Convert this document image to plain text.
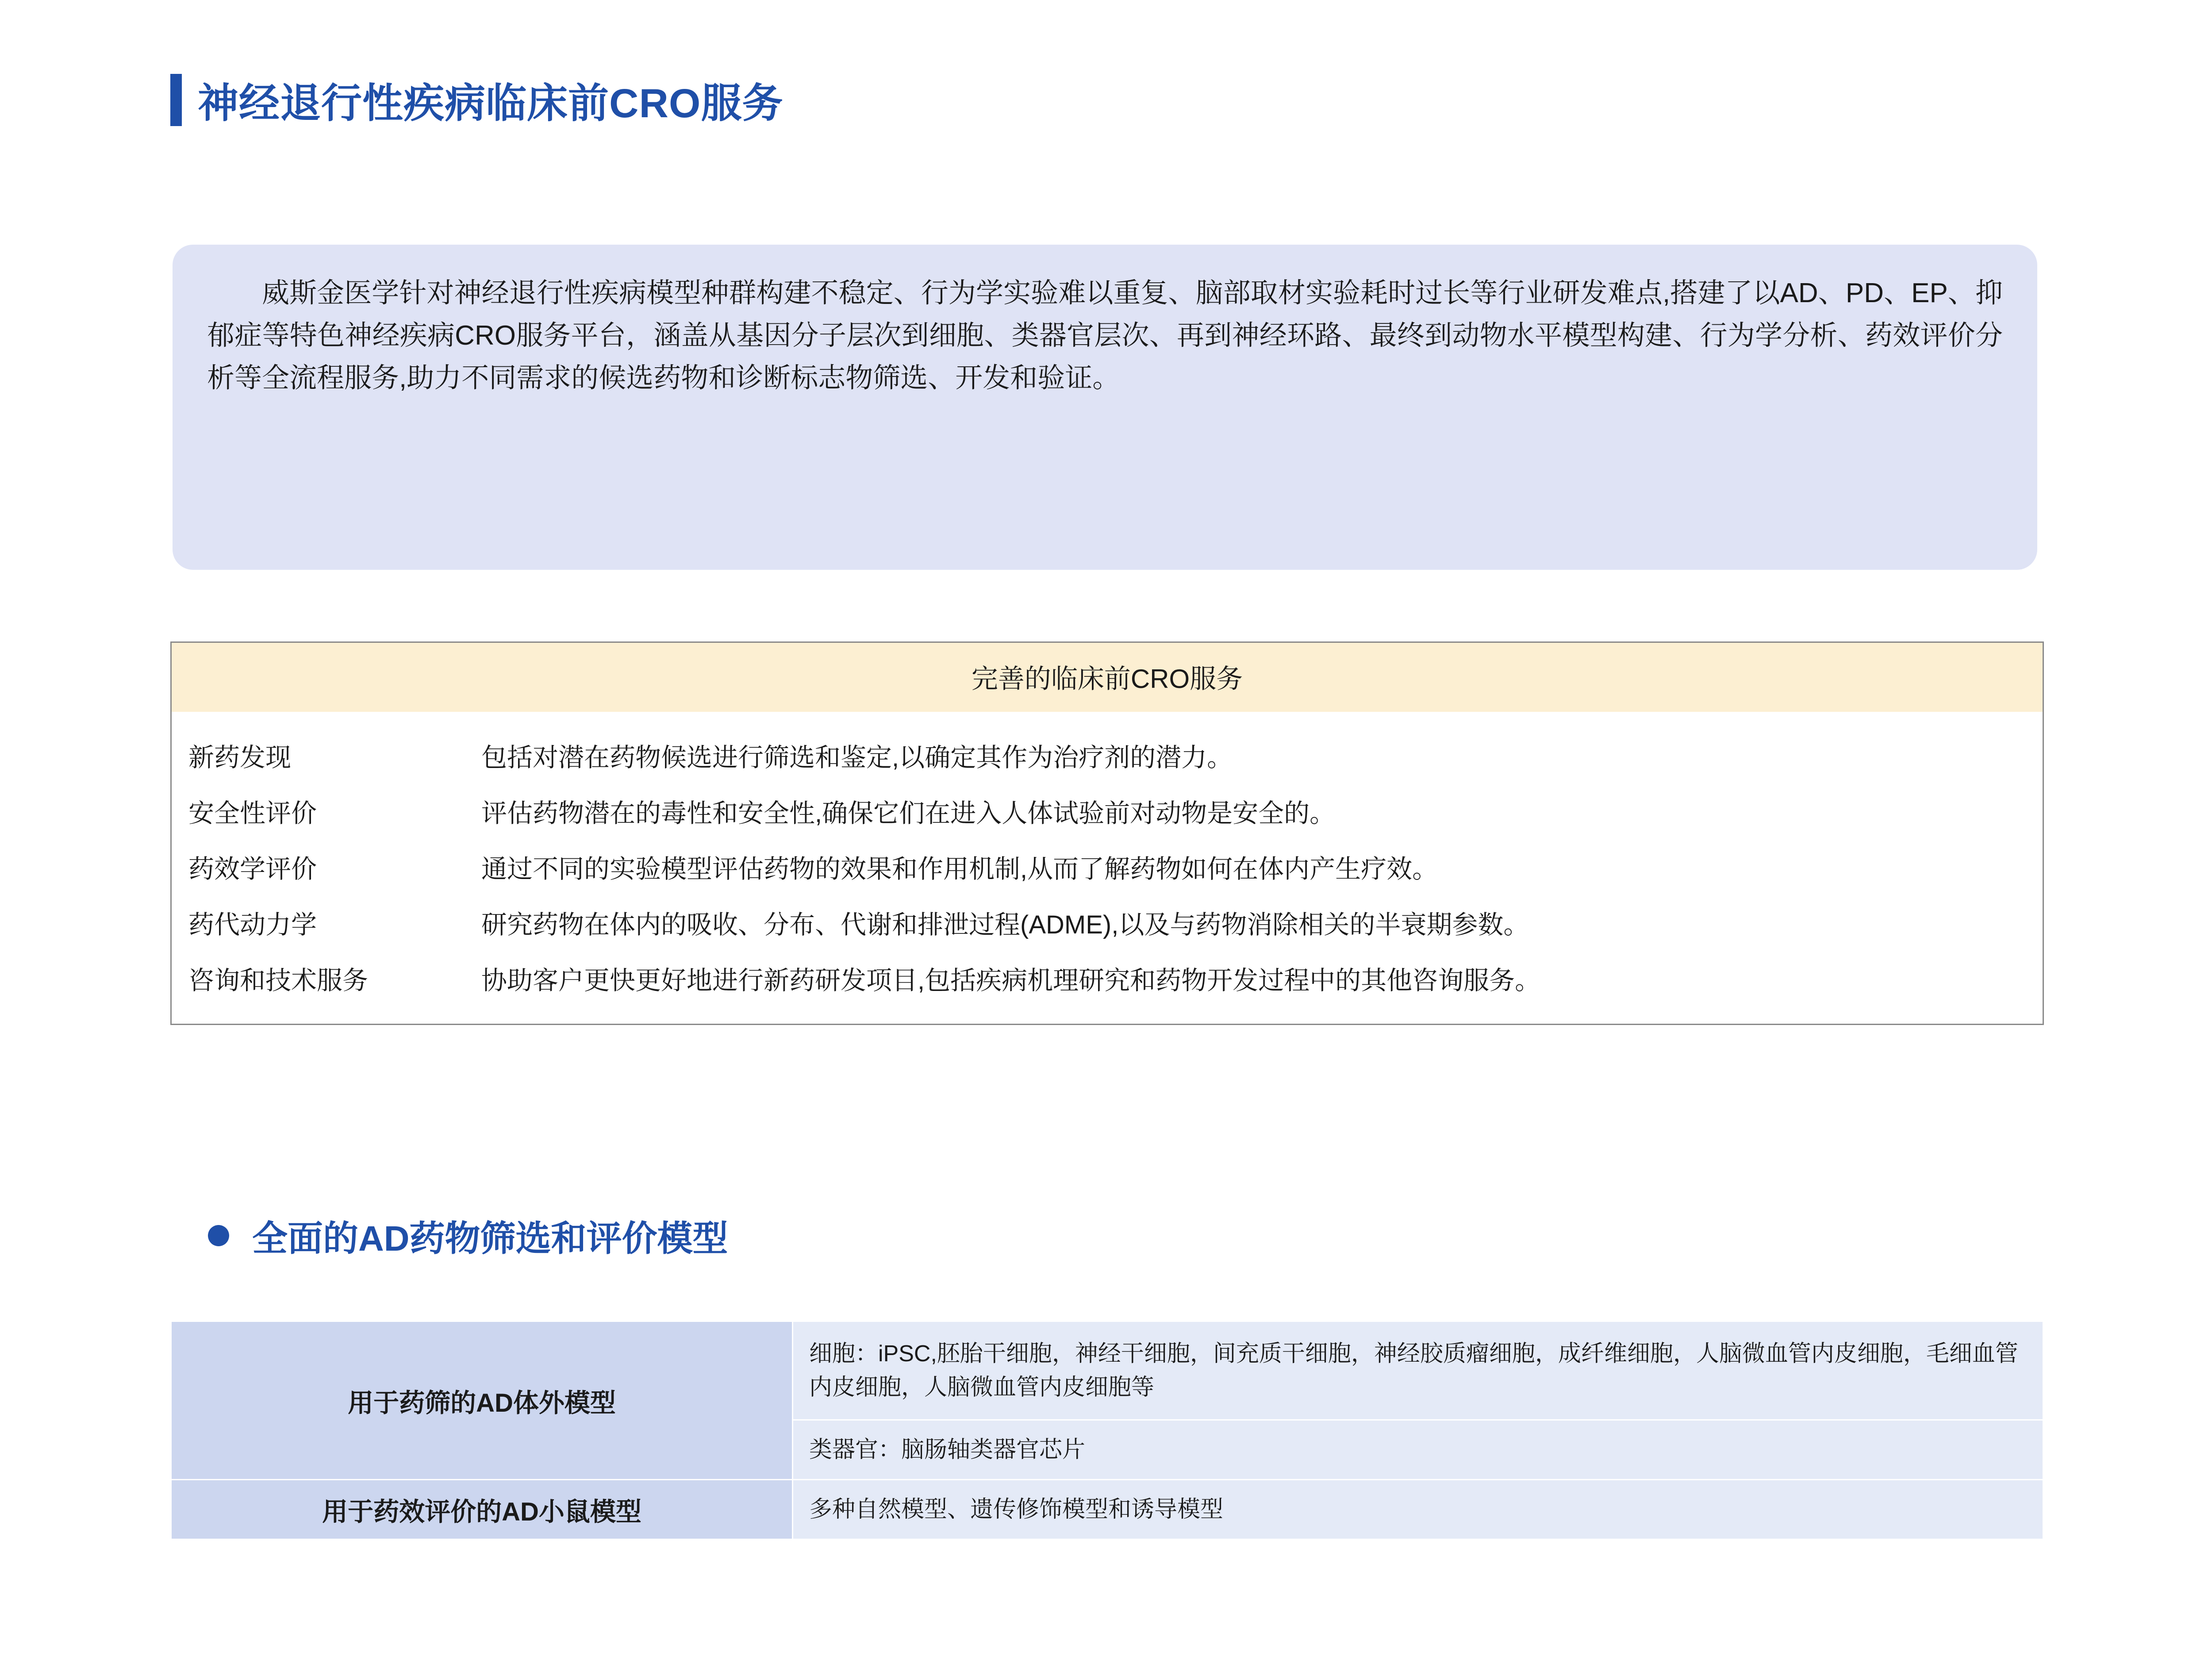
神经退行性疾病临床前CRO服务
威斯金医学针对神经退行性疾病模型种群构建不稳定、行为学实验难以重复、脑部取材实验耗时过长等行业研发难点,搭建了以AD、PD、EP、抑郁症等特色神经疾病CRO服务平台，涵盖从基因分子层次到细胞、类器官层次、再到神经环路、最终到动物水平模型构建、行为学分析、药效评价分析等全流程服务,助力不同需求的候选药物和诊断标志物筛选、开发和验证。
完善的临床前CRO服务
新药发现	包括对潜在药物候选进行筛选和鉴定,以确定其作为治疗剂的潜力。
安全性评价	评估药物潜在的毒性和安全性,确保它们在进入人体试验前对动物是安全的。
药效学评价	通过不同的实验模型评估药物的效果和作用机制,从而了解药物如何在体内产生疗效。
药代动力学	研究药物在体内的吸收、分布、代谢和排泄过程(ADME),以及与药物消除相关的半衰期参数。
咨询和技术服务	协助客户更快更好地进行新药研发项目,包括疾病机理研究和药物开发过程中的其他咨询服务。
全面的AD药物筛选和评价模型
用于药筛的AD体外模型	细胞：iPSC,胚胎干细胞，神经干细胞，间充质干细胞，神经胶质瘤细胞，成纤维细胞，人脑微血管内皮细胞，毛细血管内皮细胞，人脑微血管内皮细胞等
	类器官：脑肠轴类器官芯片
用于药效评价的AD小鼠模型	多种自然模型、遗传修饰模型和诱导模型
